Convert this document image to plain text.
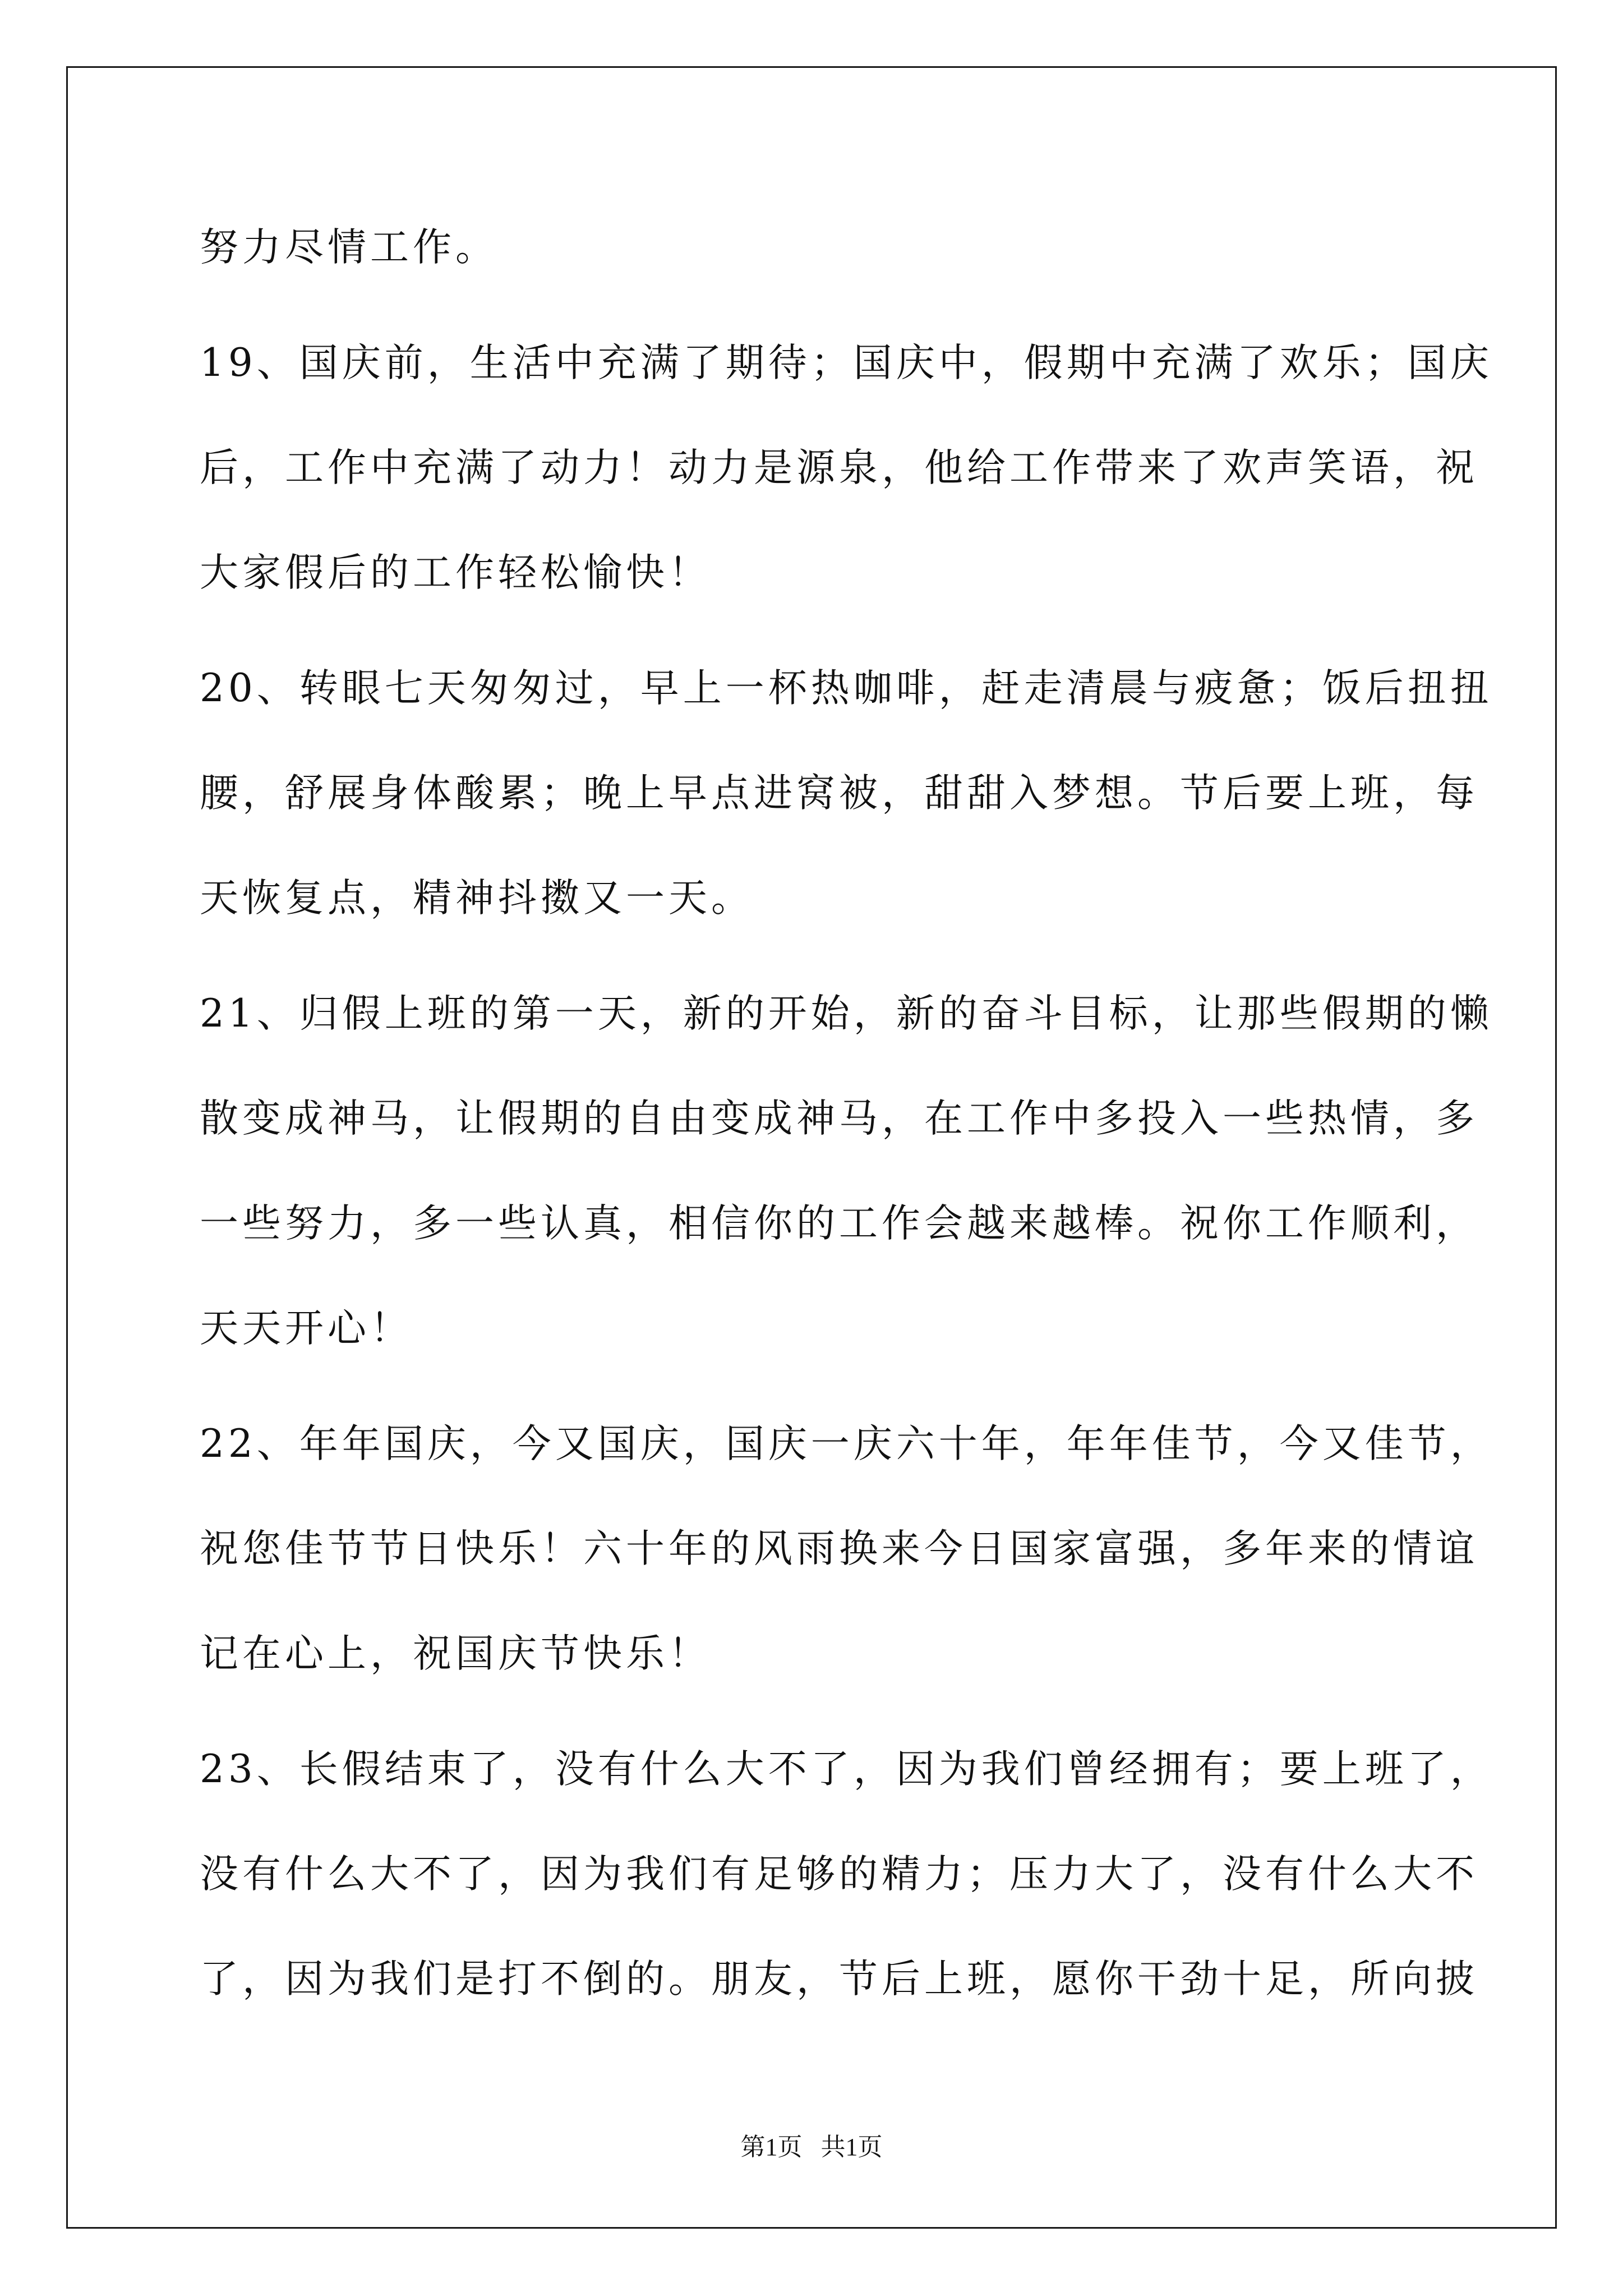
努力尽情工作。
19、国庆前，生活中充满了期待；国庆中，假期中充满了欢乐；国庆
后，工作中充满了动力！动力是源泉，他给工作带来了欢声笑语，祝
大家假后的工作轻松愉快！
20、转眼七天匆匆过，早上一杯热咖啡，赶走清晨与疲惫；饭后扭扭
腰，舒展身体酸累；晚上早点进窝被，甜甜入梦想。节后要上班，每
天恢复点，精神抖擞又一天。
21、归假上班的第一天，新的开始，新的奋斗目标，让那些假期的懒
散变成神马，让假期的自由变成神马，在工作中多投入一些热情，多
一些努力，多一些认真，相信你的工作会越来越棒。祝你工作顺利，
天天开心！
22、年年国庆，今又国庆，国庆一庆六十年，年年佳节，今又佳节，
祝您佳节节日快乐！六十年的风雨换来今日国家富强，多年来的情谊
记在心上，祝国庆节快乐！
23、长假结束了，没有什么大不了，因为我们曾经拥有；要上班了，
没有什么大不了，因为我们有足够的精力；压力大了，没有什么大不
了，因为我们是打不倒的。朋友，节后上班，愿你干劲十足，所向披
第1页 共1页
